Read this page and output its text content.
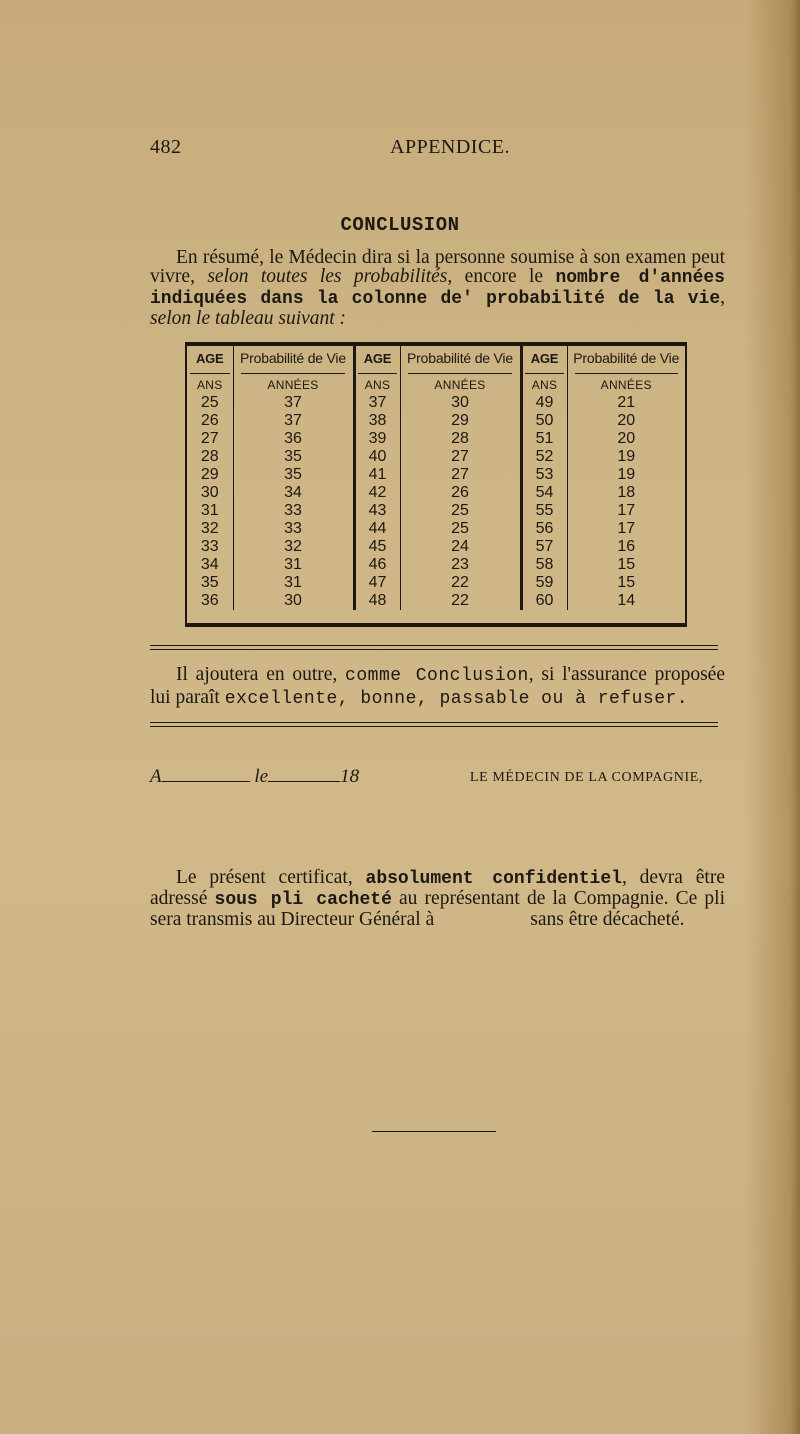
482	APPENDICE.
CONCLUSION

En résumé, le Médecin dira si la personne soumise à son examen peut vivre, selon toutes les probabilités, encore le nombre d'années indiquées dans la colonne de' probabilité de la vie, selon le tableau suivant :

AGE	Probabilité de Vie	AGE	Probabilité de Vie	AGE	Probabilité de Vie
ANS	ANNÉES	ANS	ANNÉES	ANS	ANNÉES
25	37	37	30	49	21
26	37	38	29	50	20
27	36	39	28	51	20
28	35	40	27	52	19
29	35	41	27	53	19
30	34	42	26	54	18
31	33	43	25	55	17
32	33	44	25	56	17
33	32	45	24	57	16
34	31	46	23	58	15
35	31	47	22	59	15
36	30	48	22	60	14

Il ajoutera en outre, comme Conclusion, si l'assurance proposée lui paraît excellente, bonne, passable ou à refuser.

A	le	18	LE MÉDECIN DE LA COMPAGNIE,

Le présent certificat, absolument confidentiel, devra être adressé sous pli cacheté au représentant de la Compagnie. Ce pli sera transmis au Directeur Général à	sans être décacheté.
